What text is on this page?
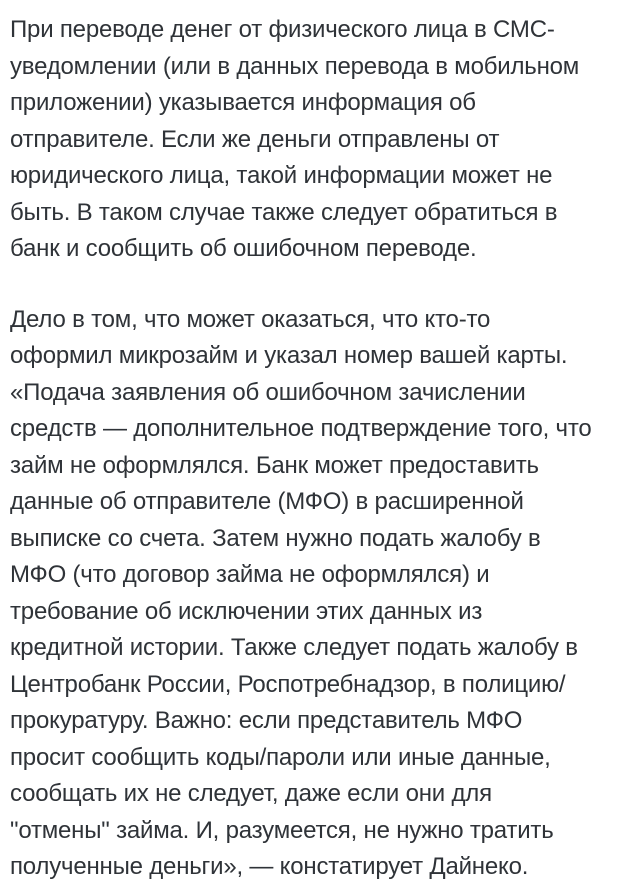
При переводе денег от физического лица в СМС-
уведомлении (или в данных перевода в мобильном
приложении) указывается информация об
отправителе. Если же деньги отправлены от
юридического лица, такой информации может не
быть. В таком случае также следует обратиться в
банк и сообщить об ошибочном переводе.
Дело в том, что может оказаться, что кто-то
оформил микрозайм и указал номер вашей карты.
«Подача заявления об ошибочном зачислении
средств — дополнительное подтверждение того, что
займ не оформлялся. Банк может предоставить
данные об отправителе (МФО) в расширенной
выписке со счета. Затем нужно подать жалобу в
МФО (что договор займа не оформлялся) и
требование об исключении этих данных из
кредитной истории. Также следует подать жалобу в
Центробанк России, Роспотребнадзор, в полицию/
прокуратуру. Важно: если представитель МФО
просит сообщить коды/пароли или иные данные,
сообщать их не следует, даже если они для
"отмены" займа. И, разумеется, не нужно тратить
полученные деньги», — констатирует Дайнеко.
